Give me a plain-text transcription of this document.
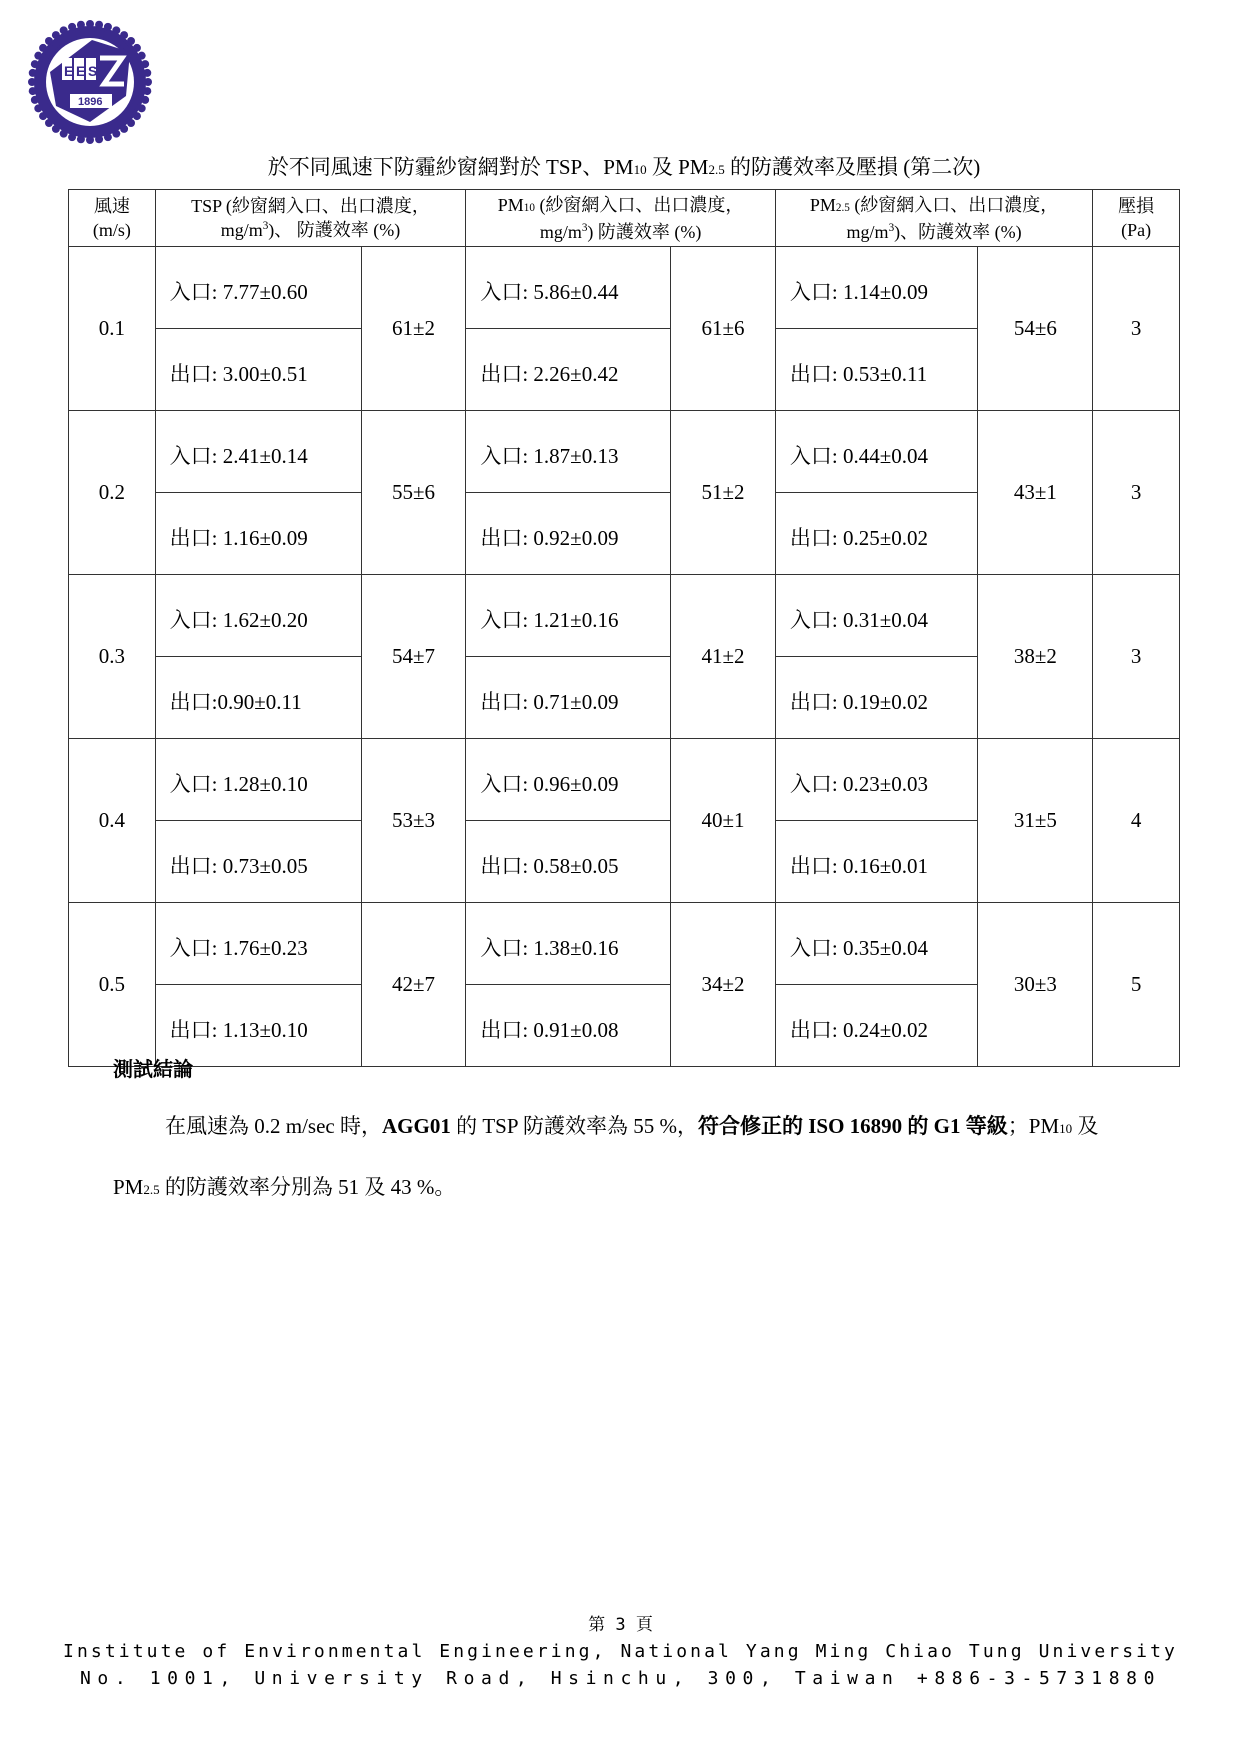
E E S
1896
於不同風速下防霾紗窗網對於 TSP、PM10 及 PM2.5 的防護效率及壓損 (第二次)
風速
(m/s)	TSP (紗窗網入口、出口濃度，
$mg/m^3$)、 防護效率 (%)		PM10 (紗窗網入口、出口濃度，
$mg/m^3$) 防護效率 (%)		PM2.5 (紗窗網入口、出口濃度，
$mg/m^3$)、防護效率 (%)		壓損
(Pa)
0.1	入口: 7.77±0.60	61±2	入口: 5.86±0.44	61±6	入口: 1.14±0.09	54±6	3
	出口: 3.00±0.51		出口: 2.26±0.42		出口: 0.53±0.11		
0.2	入口: 2.41±0.14	55±6	入口: 1.87±0.13	51±2	入口: 0.44±0.04	43±1	3
	出口: 1.16±0.09		出口: 0.92±0.09		出口: 0.25±0.02		
0.3	入口: 1.62±0.20	54±7	入口: 1.21±0.16	41±2	入口: 0.31±0.04	38±2	3
	出口:0.90±0.11		出口: 0.71±0.09		出口: 0.19±0.02		
0.4	入口: 1.28±0.10	53±3	入口: 0.96±0.09	40±1	入口: 0.23±0.03	31±5	4
	出口: 0.73±0.05		出口: 0.58±0.05		出口: 0.16±0.01		
0.5	入口: 1.76±0.23	42±7	入口: 1.38±0.16	34±2	入口: 0.35±0.04	30±3	5
	出口: 1.13±0.10		出口: 0.91±0.08		出口: 0.24±0.02		
測試結論
在風速為 0.2 m/sec 時，AGG01 的 TSP 防護效率為 55 %，符合修正的 ISO 16890 的 G1 等級；PM10 及 PM2.5 的防護效率分別為 51 及 43 %。
第 3 頁
Institute of Environmental Engineering, National Yang Ming Chiao Tung University
No. 1001, University Road, Hsinchu, 300, Taiwan +886-3-5731880
